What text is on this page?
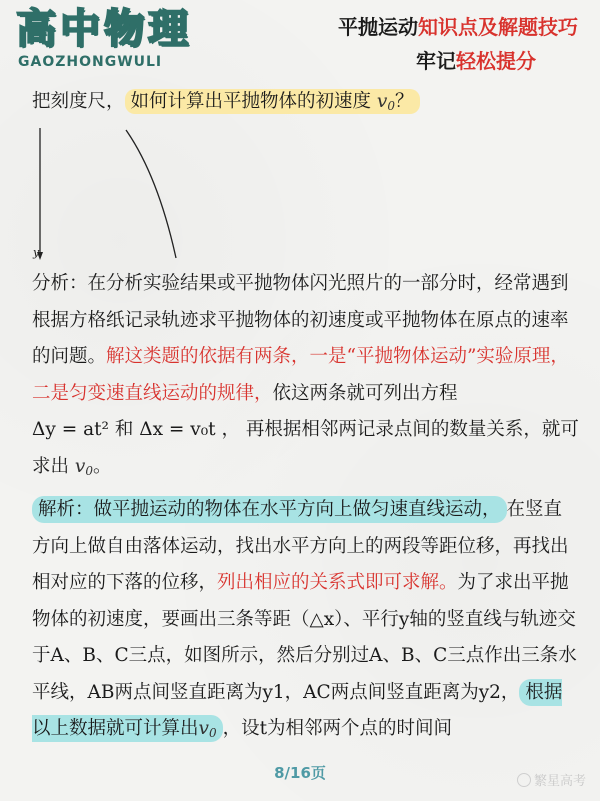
高中物理
GAOZHONGWULI
平抛运动知识点及解题技巧
牢记轻松提分
把刻度尺， 如何计算出平抛物体的初速度 $v_0$？
y
分析：在分析实验结果或平抛物体闪光照片的一部分时，经常遇到根据方格纸记录轨迹求平抛物体的初速度或平抛物体在原点的速率的问题。解这类题的依据有两条，一是“平抛物体运动”实验原理，二是匀变速直线运动的规律，依这两条就可列出方程 Δy = at² 和 Δx = v₀t ， 再根据相邻两记录点间的数量关系，就可求出 $v_0$。
解析：做平抛运动的物体在水平方向上做匀速直线运动， 在竖直方向上做自由落体运动，找出水平方向上的两段等距位移，再找出相对应的下落的位移，列出相应的关系式即可求解。为了求出平抛物体的初速度，要画出三条等距（△x）、平行y轴的竖直线与轨迹交于A、B、C三点，如图所示，然后分别过A、B、C三点作出三条水平线，AB两点间竖直距离为y1，AC两点间竖直距离为y2， 根据以上数据就可计算出$v_0$ ，设t为相邻两个点的时间间
8/16页	繁星高考
